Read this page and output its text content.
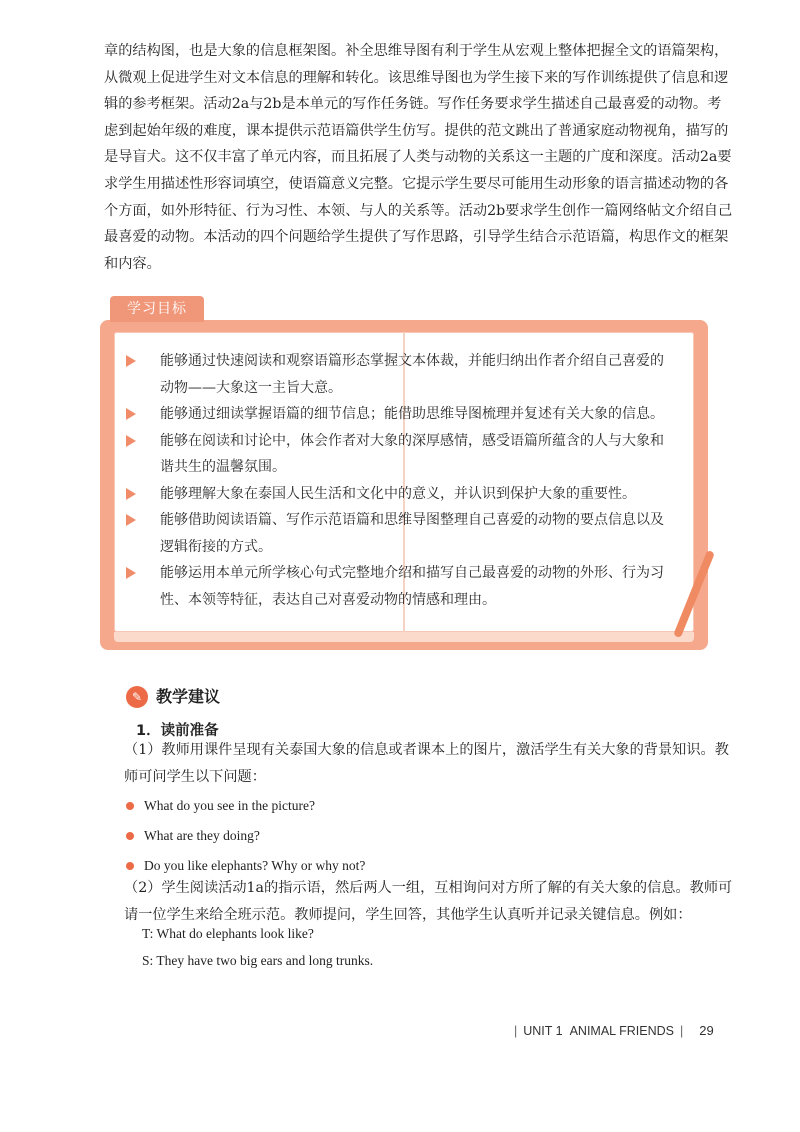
章的结构图，也是大象的信息框架图。补全思维导图有利于学生从宏观上整体把握全文的语篇架构，
从微观上促进学生对文本信息的理解和转化。该思维导图也为学生接下来的写作训练提供了信息和逻
辑的参考框架。活动2a与2b是本单元的写作任务链。写作任务要求学生描述自己最喜爱的动物。考
虑到起始年级的难度，课本提供示范语篇供学生仿写。提供的范文跳出了普通家庭动物视角，描写的
是导盲犬。这不仅丰富了单元内容，而且拓展了人类与动物的关系这一主题的广度和深度。活动2a要
求学生用描述性形容词填空，使语篇意义完整。它提示学生要尽可能用生动形象的语言描述动物的各
个方面，如外形特征、行为习性、本领、与人的关系等。活动2b要求学生创作一篇网络帖文介绍自己
最喜爱的动物。本活动的四个问题给学生提供了写作思路，引导学生结合示范语篇，构思作文的框架
和内容。
学习目标
能够通过快速阅读和观察语篇形态掌握文本体裁，并能归纳出作者介绍自己喜爱的
动物——大象这一主旨大意。
能够通过细读掌握语篇的细节信息；能借助思维导图梳理并复述有关大象的信息。
能够在阅读和讨论中，体会作者对大象的深厚感情，感受语篇所蕴含的人与大象和
谐共生的温馨氛围。
能够理解大象在泰国人民生活和文化中的意义，并认识到保护大象的重要性。
能够借助阅读语篇、写作示范语篇和思维导图整理自己喜爱的动物的要点信息以及
逻辑衔接的方式。
能够运用本单元所学核心句式完整地介绍和描写自己最喜爱的动物的外形、行为习
性、本领等特征，表达自己对喜爱动物的情感和理由。
✎ 教学建议
1．读前准备
（1）教师用课件呈现有关泰国大象的信息或者课本上的图片，激活学生有关大象的背景知识。教
师可问学生以下问题：
What do you see in the picture?
What are they doing?
Do you like elephants? Why or why not?
（2）学生阅读活动1a的指示语，然后两人一组，互相询问对方所了解的有关大象的信息。教师可
请一位学生来给全班示范。教师提问，学生回答，其他学生认真听并记录关键信息。例如：
T: What do elephants look like?
S: They have two big ears and long trunks.
| UNIT 1 ANIMAL FRIENDS | 29
